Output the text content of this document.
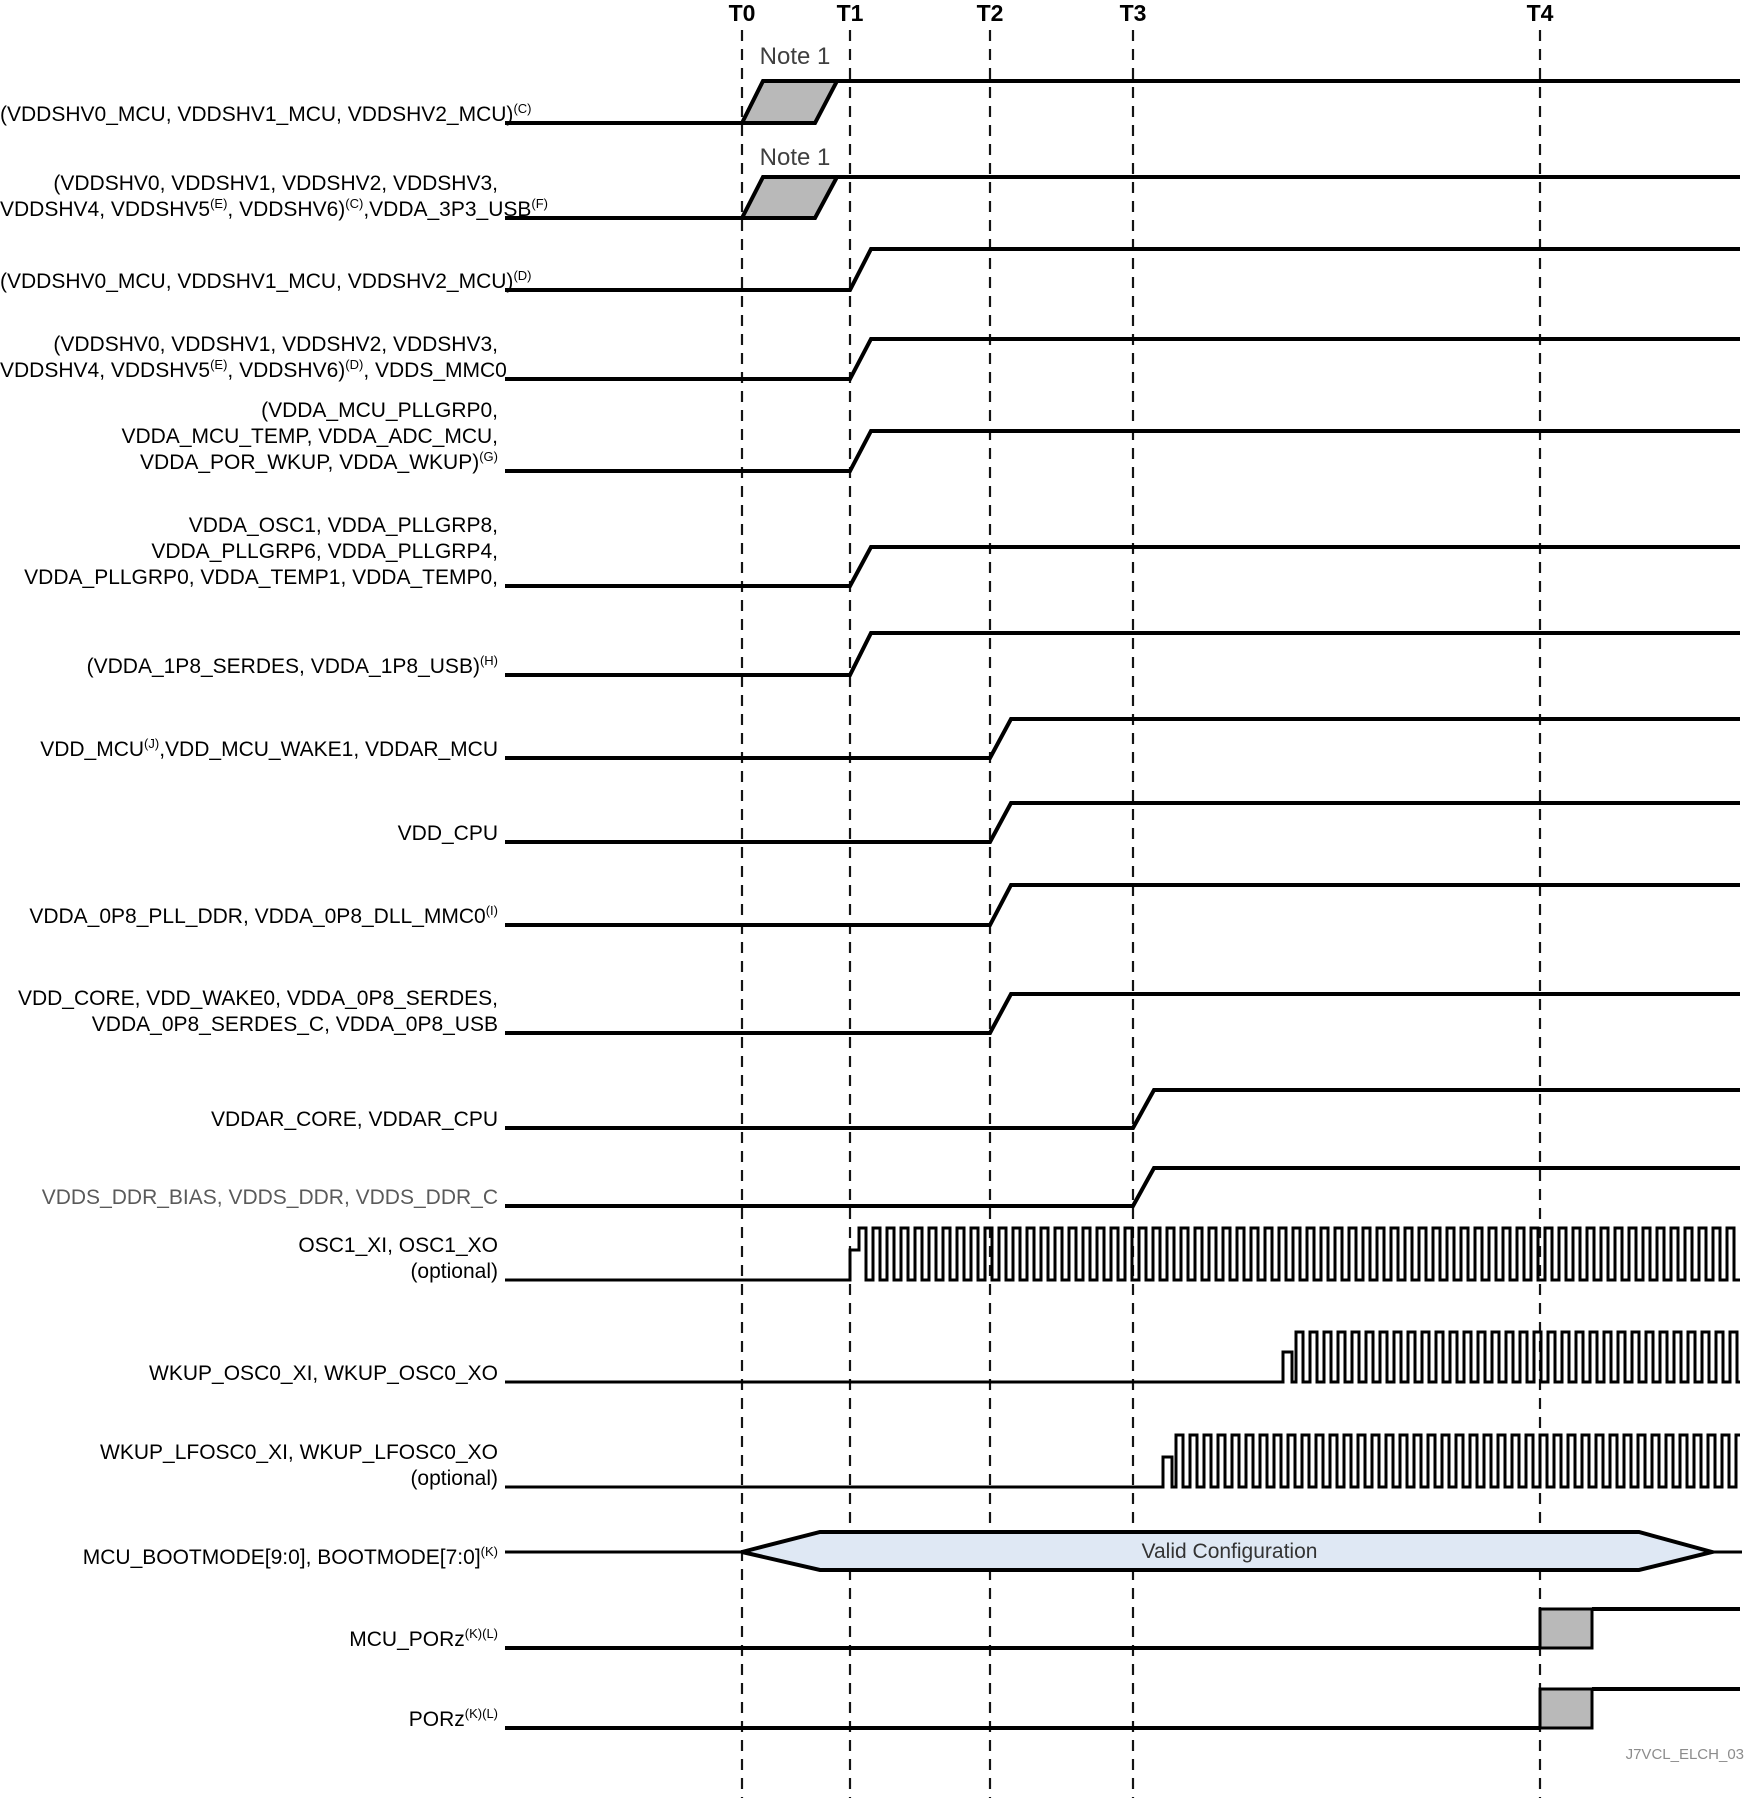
T0	T1	T2	T3	T4
(VDDSHV0_MCU, VDDSHV1_MCU, VDDSHV2_MCU)$^{(C)}$
(VDDSHV0, VDDSHV1, VDDSHV2, VDDSHV3,
VDDSHV4, $VDDSHV5^{(E)}$, $VDDSHV6)^{(C)},VDDA\_3P3\_USB^{(F)}$
(VDDSHV0_MCU, VDDSHV1_MCU, VDDSHV2_MCU)$^{(D)}$
(VDDSHV0, VDDSHV1, VDDSHV2, VDDSHV3,
VDDSHV4, $VDDSHV5^{(E)}$, VDDSHV6)$^{(D)}$, VDDS_MMC0
(VDDA_MCU_PLLGRP0,
VDDA_MCU_TEMP, VDDA_ADC_MCU,
VDDA_POR_WKUP, VDDA_WKUP)$^{(G)}$
VDDA_OSC1, VDDA_PLLGRP8,
VDDA_PLLGRP6, VDDA_PLLGRP4,
VDDA_PLLGRP0, VDDA_TEMP1, VDDA_TEMP0,
(VDDA_1P8_SERDES, VDDA_1P8_USB)$^{(H)}$
$VDD\_MCU^{(J)},VDD\_MCU\_WAKE1$, VDDAR_MCU
VDD_CPU
VDDA_0P8_PLL_DDR, $VDDA\_0P8\_DLL\_MMC0^{(I)}$
VDD_CORE, VDD_WAKE0, VDDA_0P8_SERDES,
VDDA_0P8_SERDES_C, VDDA_0P8_USB
VDDAR_CORE, VDDAR_CPU
VDDS_DDR_BIAS, VDDS_DDR, VDDS_DDR_C
OSC1_XI, OSC1_XO
(optional)
WKUP_OSC0_XI, WKUP_OSC0_XO
WKUP_LFOSC0_XI, WKUP_LFOSC0_XO
(optional)
MCU_BOOTMODE[9:0], BOOTMODE[7:0]$^{(K)}$
MCU_PORz$^{(K)(L)}$
PORz$^{(K)(L)}$
Valid Configuration
Note 1
Note 1
J7VCL_ELCH_03
